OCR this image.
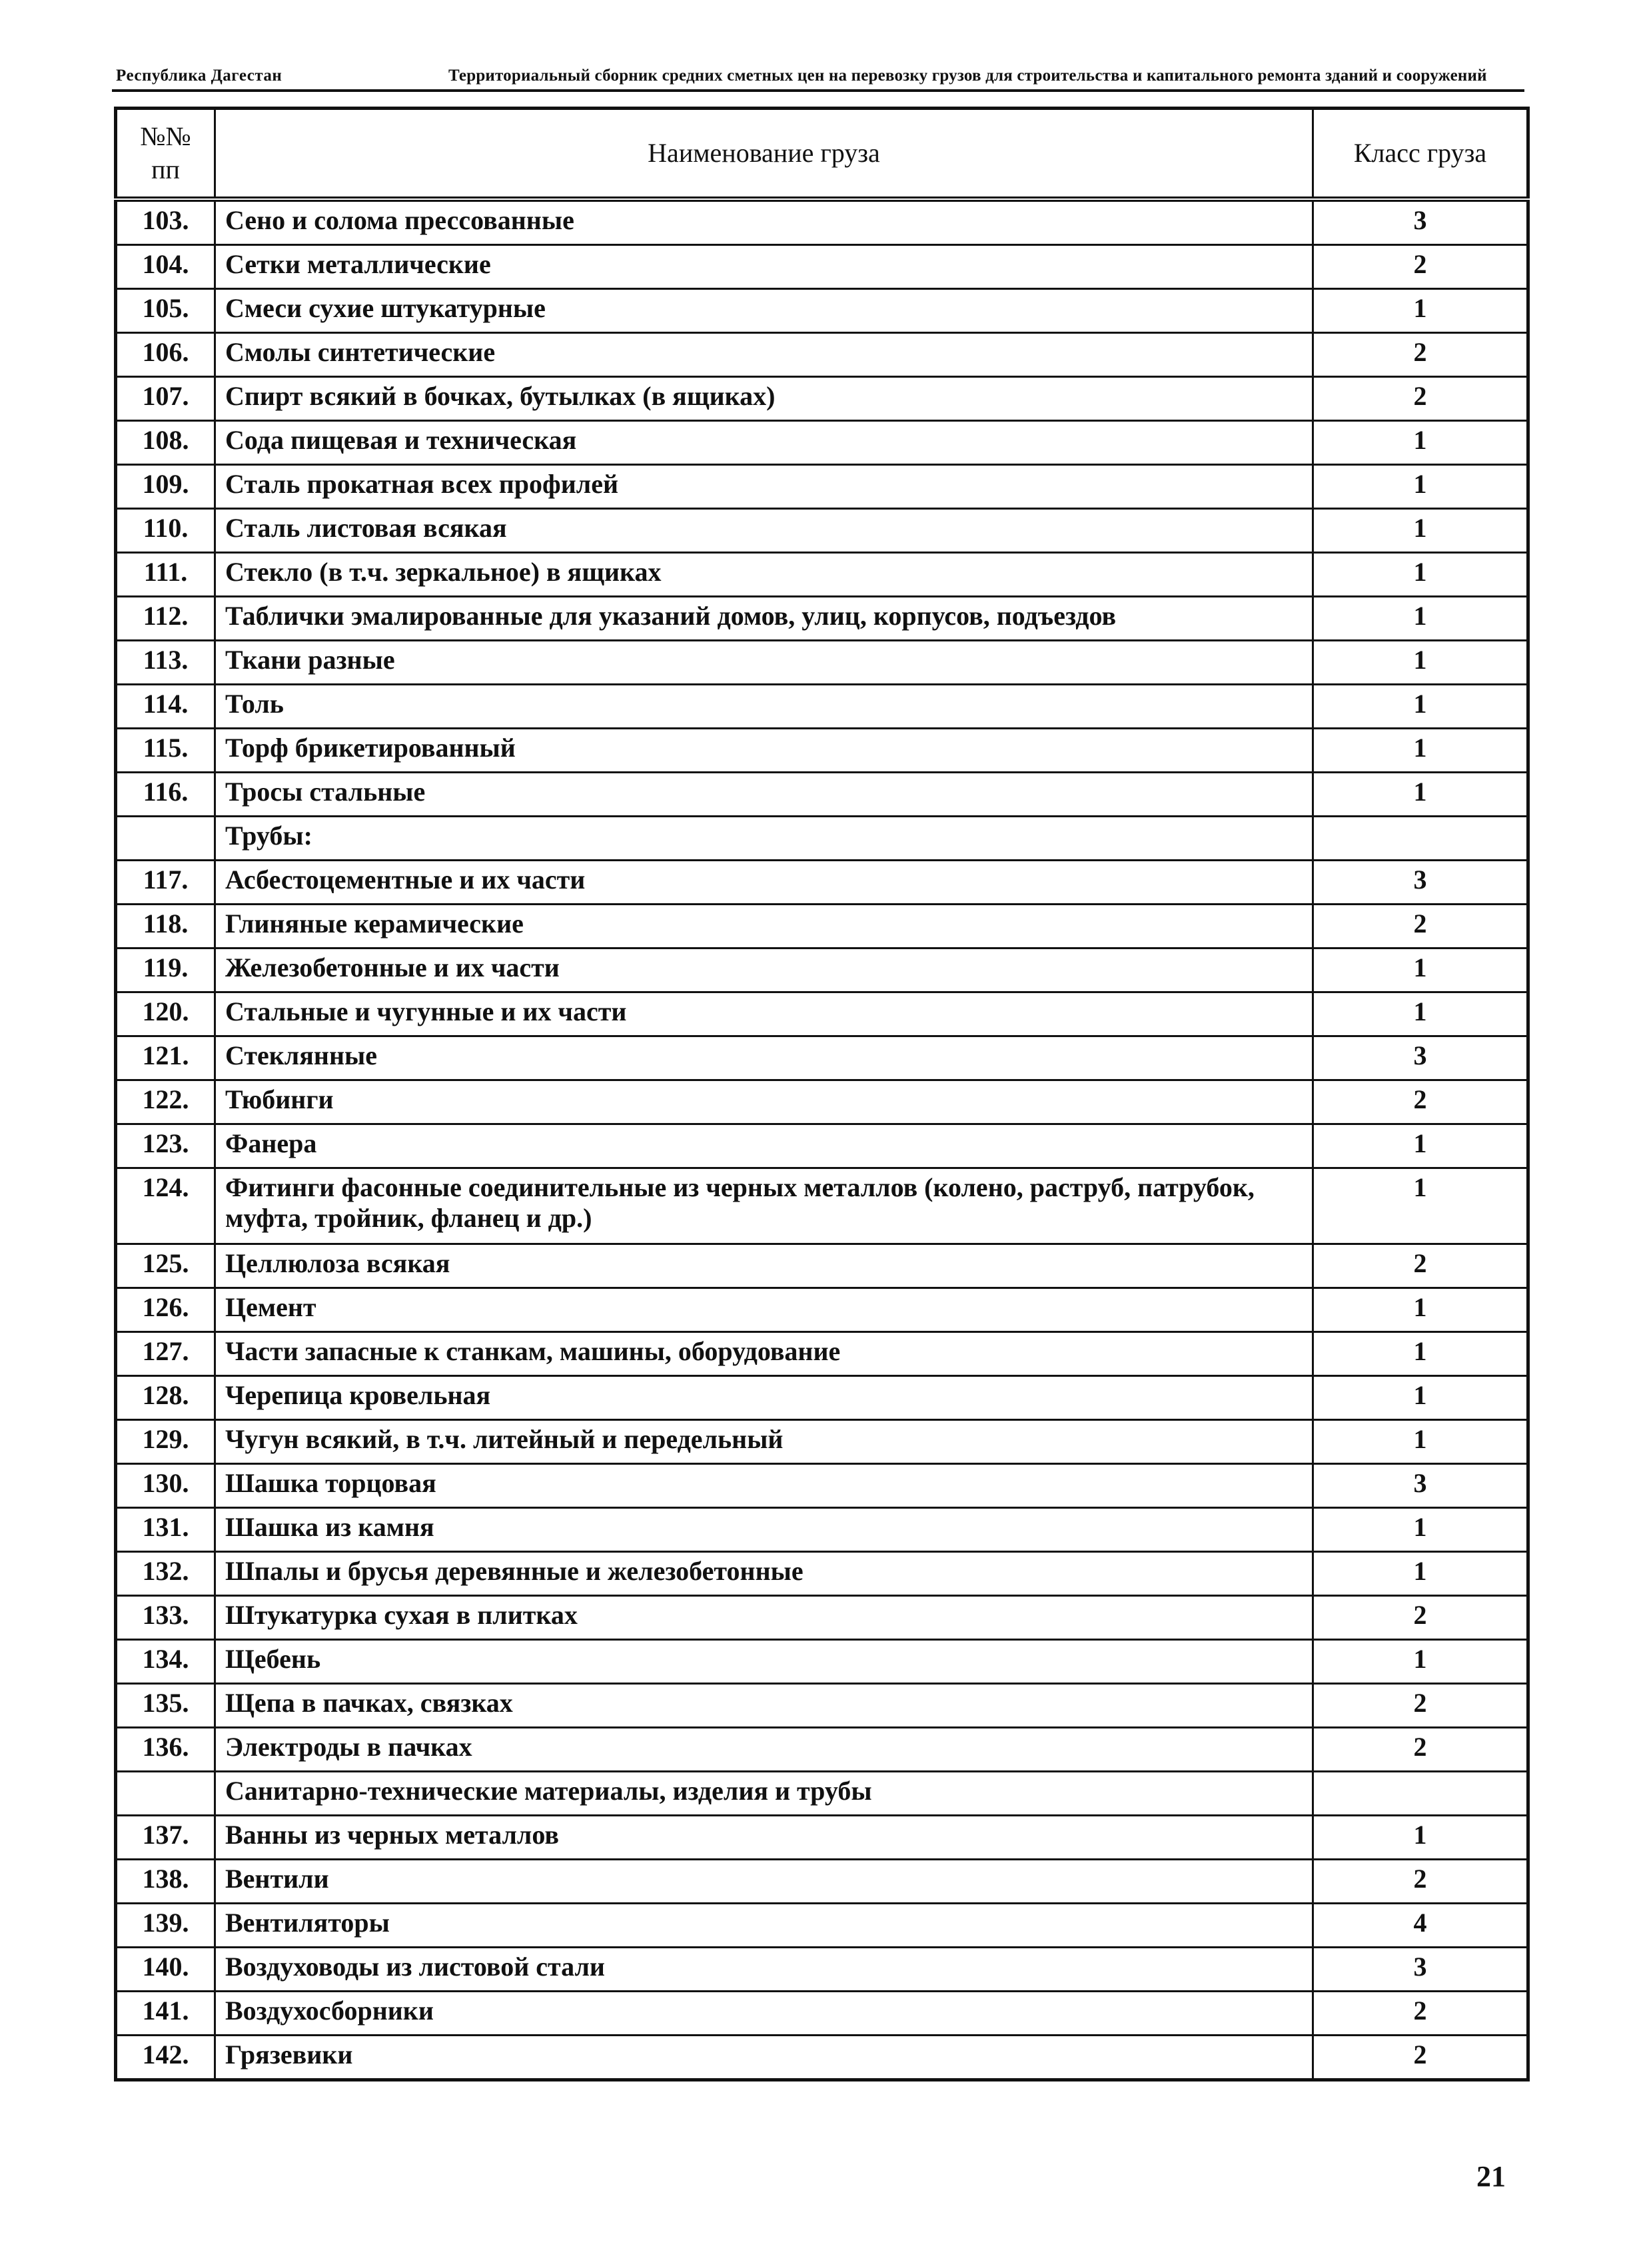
Республика Дагестан	Территориальный сборник средних сметных цен на перевозку грузов для строительства и капитального ремонта зданий и сооружений
№№
пп	Наименование груза	Класс груза
103.	Сено и солома прессованные	3
104.	Сетки металлические	2
105.	Смеси сухие штукатурные	1
106.	Смолы синтетические	2
107.	Спирт всякий в бочках, бутылках (в ящиках)	2
108.	Сода пищевая и техническая	1
109.	Сталь прокатная всех профилей	1
110.	Сталь листовая всякая	1
111.	Стекло (в т.ч. зеркальное) в ящиках	1
112.	Таблички эмалированные для указаний домов, улиц, корпусов, подъездов	1
113.	Ткани разные	1
114.	Толь	1
115.	Торф брикетированный	1
116.	Тросы стальные	1
	Трубы:	
117.	Асбестоцементные и их части	3
118.	Глиняные керамические	2
119.	Железобетонные и их части	1
120.	Стальные и чугунные и их части	1
121.	Стеклянные	3
122.	Тюбинги	2
123.	Фанера	1
124.	Фитинги фасонные соединительные из черных металлов (колено, раструб, патрубок, муфта, тройник, фланец и др.)	1
125.	Целлюлоза всякая	2
126.	Цемент	1
127.	Части запасные к станкам, машины, оборудование	1
128.	Черепица кровельная	1
129.	Чугун всякий, в т.ч. литейный и передельный	1
130.	Шашка торцовая	3
131.	Шашка из камня	1
132.	Шпалы и брусья деревянные и железобетонные	1
133.	Штукатурка сухая в плитках	2
134.	Щебень	1
135.	Щепа в пачках, связках	2
136.	Электроды в пачках	2
	Санитарно-технические материалы, изделия и трубы	
137.	Ванны из черных металлов	1
138.	Вентили	2
139.	Вентиляторы	4
140.	Воздуховоды из листовой стали	3
141.	Воздухосборники	2
142.	Грязевики	2
21
